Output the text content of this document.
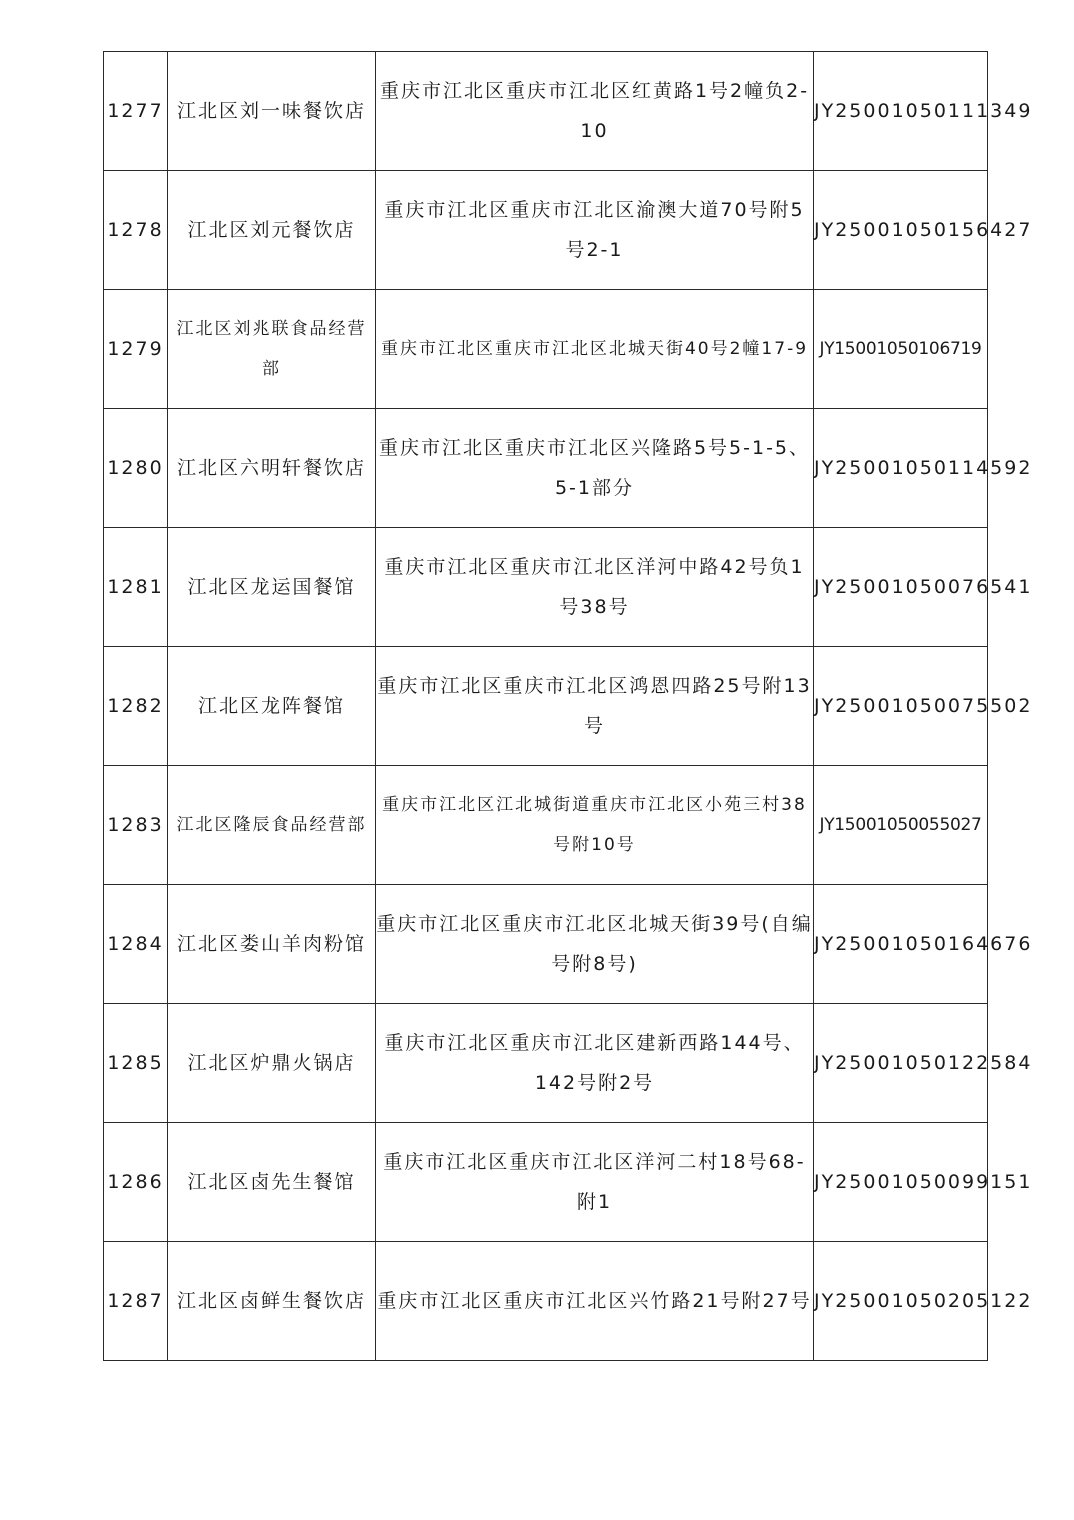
1277	江北区刘一味餐饮店	重庆市江北区重庆市江北区红黄路1号2幢负2-10	JY25001050111349
1278	江北区刘元餐饮店	重庆市江北区重庆市江北区渝澳大道70号附5号2-1	JY25001050156427
1279	江北区刘兆联食品经营部	重庆市江北区重庆市江北区北城天街40号2幢17-9	JY15001050106719
1280	江北区六明轩餐饮店	重庆市江北区重庆市江北区兴隆路5号5-1-5、5-1部分	JY25001050114592
1281	江北区龙运国餐馆	重庆市江北区重庆市江北区洋河中路42号负1号38号	JY25001050076541
1282	江北区龙阵餐馆	重庆市江北区重庆市江北区鸿恩四路25号附13号	JY25001050075502
1283	江北区隆辰食品经营部	重庆市江北区江北城街道重庆市江北区小苑三村38号附10号	JY15001050055027
1284	江北区娄山羊肉粉馆	重庆市江北区重庆市江北区北城天街39号(自编号附8号)	JY25001050164676
1285	江北区炉鼎火锅店	重庆市江北区重庆市江北区建新西路144号、142号附2号	JY25001050122584
1286	江北区卤先生餐馆	重庆市江北区重庆市江北区洋河二村18号68-附1	JY25001050099151
1287	江北区卤鲜生餐饮店	重庆市江北区重庆市江北区兴竹路21号附27号	JY25001050205122
